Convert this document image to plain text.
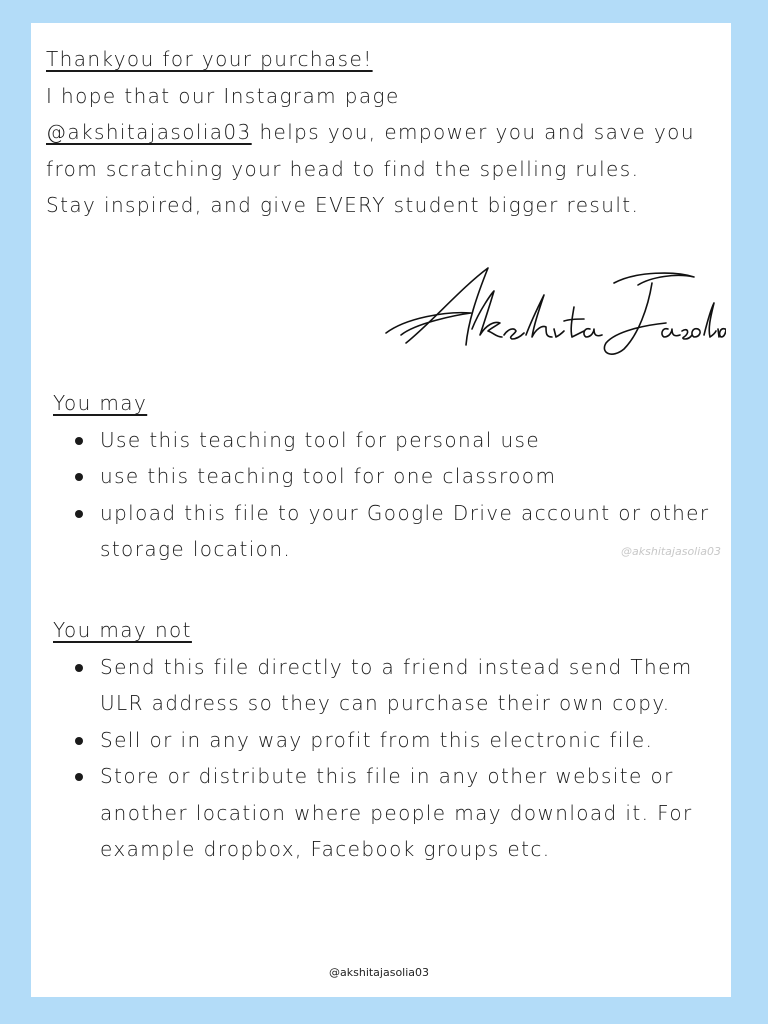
Thankyou for your purchase!

I hope that our Instagram page
@akshitajasolia03 helps you, empower you and save you from scratching your head to find the spelling rules.

Stay inspired, and give EVERY student bigger result.

Akshita Jasolia
You may
Use this teaching tool for personal use
use this teaching tool for one classroom
upload this file to your Google Drive account or other storage location.	@akshitajasolia03
You may not
Send this file directly to a friend instead send Them ULR address so they can purchase their own copy.
Sell or in any way profit from this electronic file.
Store or distribute this file in any other website or another location where people may download it. For example dropbox, Facebook groups etc.
@akshitajasolia03
